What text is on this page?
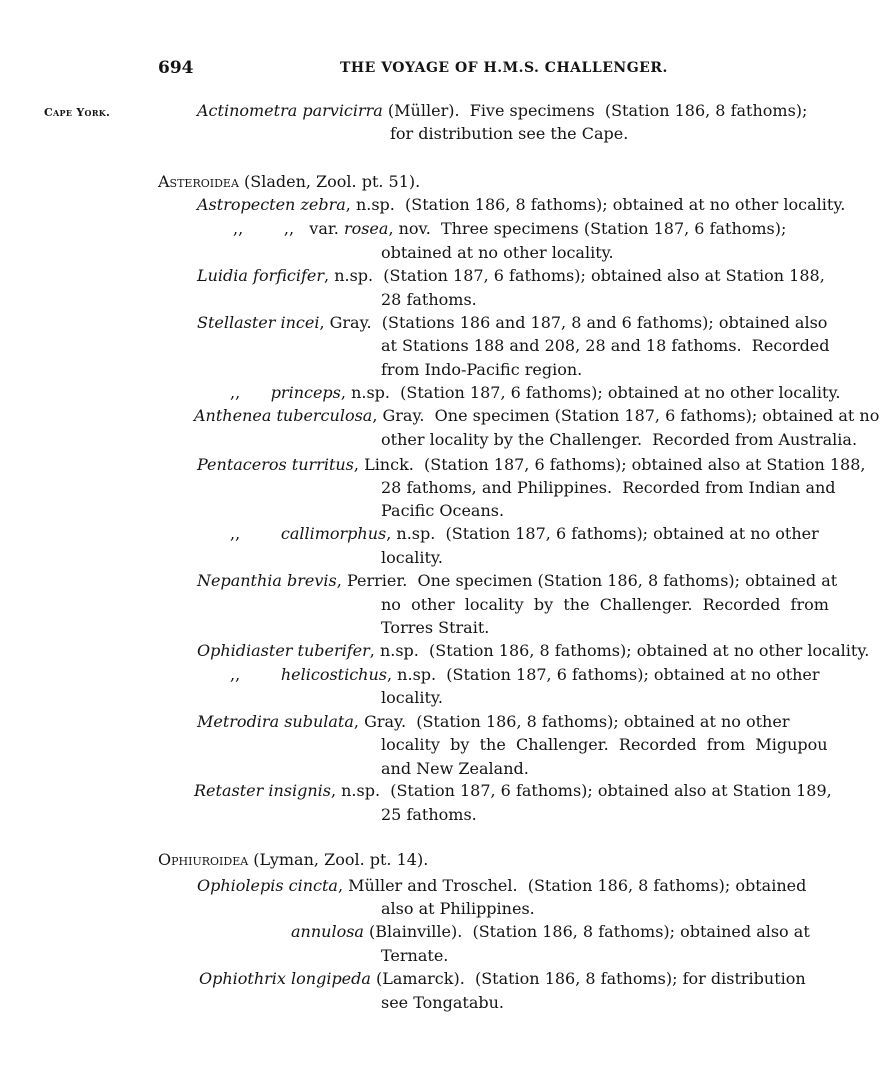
694	THE VOYAGE OF H.M.S. CHALLENGER.
Cape York.	Actinometra parvicirra (Müller).  Five specimens  (Station 186, 8 fathoms);
for distribution see the Cape.
Asteroidea (Sladen, Zool. pt. 51).
Astropecten zebra, n.sp.  (Station 186, 8 fathoms); obtained at no other locality.
,,        ,,   var. rosea, nov.  Three specimens (Station 187, 6 fathoms);
obtained at no other locality.
Luidia forficifer, n.sp.  (Station 187, 6 fathoms); obtained also at Station 188,
28 fathoms.
Stellaster incei, Gray.  (Stations 186 and 187, 8 and 6 fathoms); obtained also
at Stations 188 and 208, 28 and 18 fathoms.  Recorded
from Indo-Pacific region.
,,      princeps, n.sp.  (Station 187, 6 fathoms); obtained at no other locality.
Anthenea tuberculosa, Gray.  One specimen (Station 187, 6 fathoms); obtained at no
other locality by the Challenger.  Recorded from Australia.
Pentaceros turritus, Linck.  (Station 187, 6 fathoms); obtained also at Station 188,
28 fathoms, and Philippines.  Recorded from Indian and
Pacific Oceans.
,,        callimorphus, n.sp.  (Station 187, 6 fathoms); obtained at no other
locality.
Nepanthia brevis, Perrier.  One specimen (Station 186, 8 fathoms); obtained at
no  other  locality  by  the  Challenger.  Recorded  from
Torres Strait.
Ophidiaster tuberifer, n.sp.  (Station 186, 8 fathoms); obtained at no other locality.
,,        helicostichus, n.sp.  (Station 187, 6 fathoms); obtained at no other
locality.
Metrodira subulata, Gray.  (Station 186, 8 fathoms); obtained at no other
locality  by  the  Challenger.  Recorded  from  Migupou
and New Zealand.
Retaster insignis, n.sp.  (Station 187, 6 fathoms); obtained also at Station 189,
25 fathoms.
Ophiuroidea (Lyman, Zool. pt. 14).
Ophiolepis cincta, Müller and Troschel.  (Station 186, 8 fathoms); obtained
also at Philippines.
annulosa (Blainville).  (Station 186, 8 fathoms); obtained also at
Ternate.
Ophiothrix longipeda (Lamarck).  (Station 186, 8 fathoms); for distribution
see Tongatabu.
